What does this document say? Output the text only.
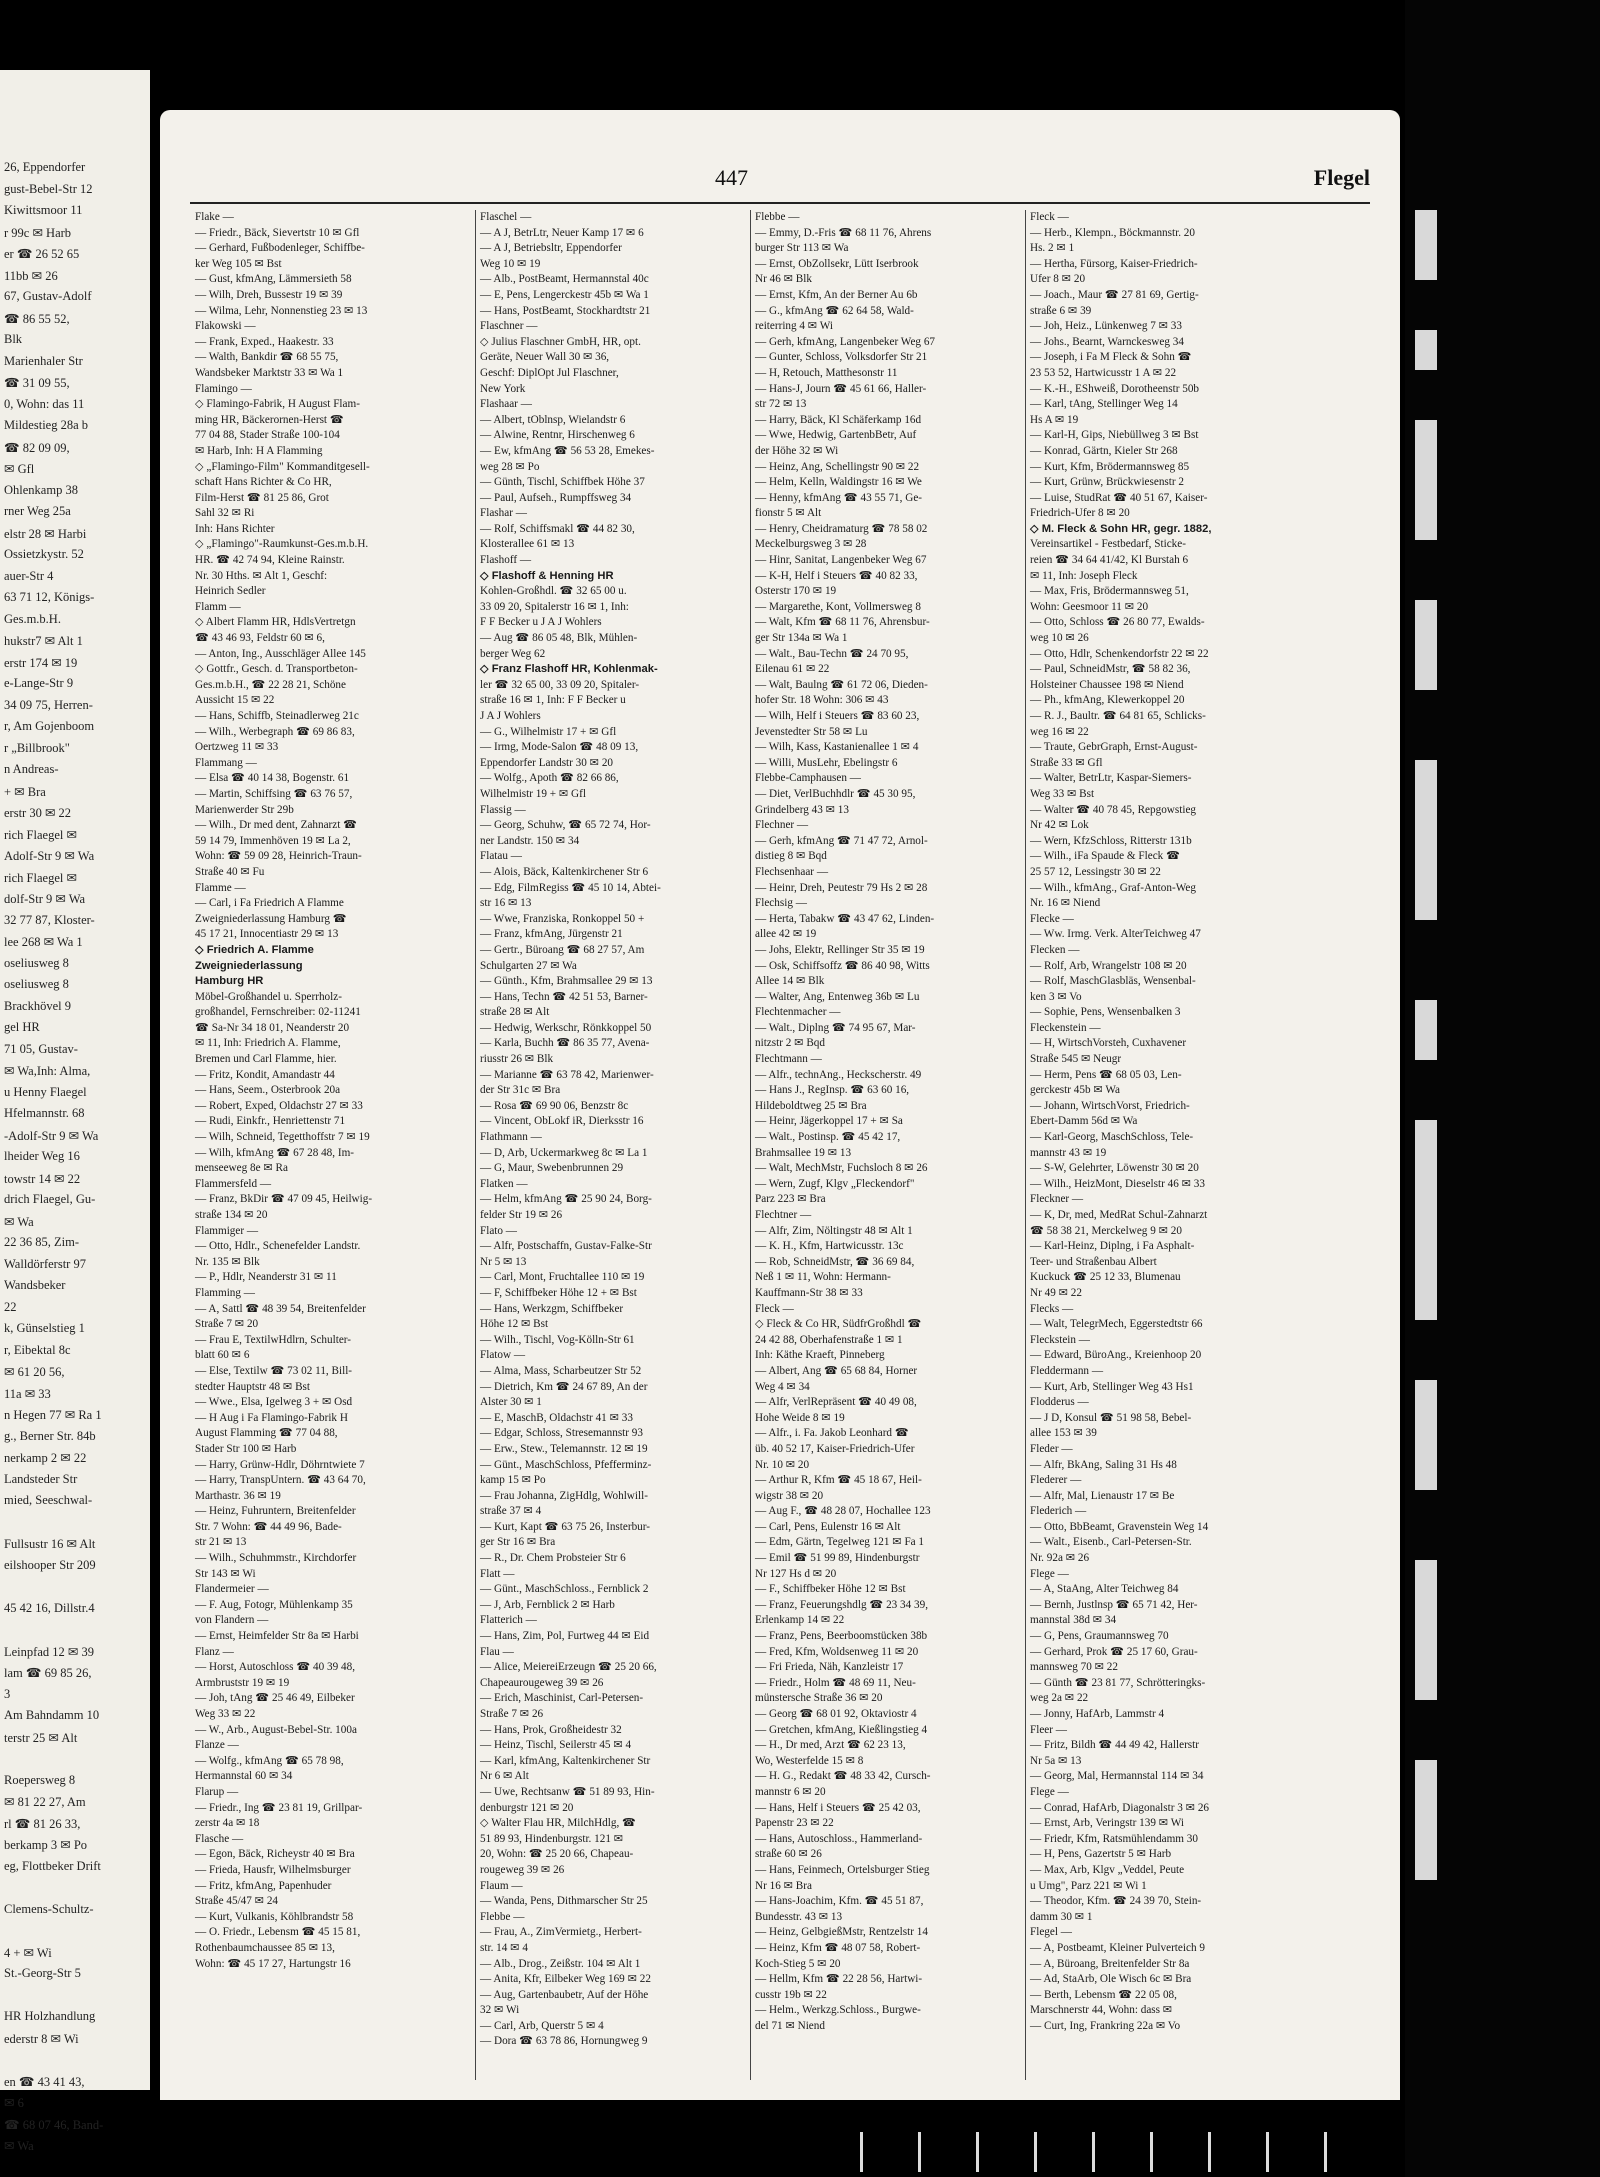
26, Eppendorfer
gust-Bebel-Str 12
Kiwittsmoor 11
r 99c ✉ Harb
er ☎ 26 52 65
11bb ✉ 26
67, Gustav-Adolf
☎ 86 55 52,
Blk
Marienhaler Str
☎ 31 09 55,
0, Wohn: das 11
Mildestieg 28a b
☎ 82 09 09,
✉ Gfl
Ohlenkamp 38
rner Weg 25a
elstr 28 ✉ Harbi
Ossietzkystr. 52
auer-Str 4
63 71 12, Königs-
Ges.m.b.H.
hukstr7 ✉ Alt 1
erstr 174 ✉ 19
e-Lange-Str 9
34 09 75, Herren-
r, Am Gojenboom
r „Billbrook"
n Andreas-
+ ✉ Bra
erstr 30 ✉ 22
rich Flaegel ✉
Adolf-Str 9 ✉ Wa
rich Flaegel ✉
dolf-Str 9 ✉ Wa
32 77 87, Kloster-
lee 268 ✉ Wa 1
oseliusweg 8
oseliusweg 8
Brackhövel 9
gel HR
71 05, Gustav-
✉ Wa,Inh: Alma,
u Henny Flaegel
Hfelmannstr. 68
-Adolf-Str 9 ✉ Wa
lheider Weg 16
towstr 14 ✉ 22
drich Flaegel, Gu-
✉ Wa
22 36 85, Zim-
Walldörferstr 97
Wandsbeker
22
k, Günselstieg 1
r, Eibektal 8c
✉ 61 20 56,
11a ✉ 33
n Hegen 77 ✉ Ra 1
g., Berner Str. 84b
nerkamp 2 ✉ 22
Landsteder Str
mied, Seeschwal-
Fullsustr 16 ✉ Alt
eilshooper Str 209
45 42 16, Dillstr.4
Leinpfad 12 ✉ 39
lam ☎ 69 85 26,
3
Am Bahndamm 10
terstr 25 ✉ Alt
Roepersweg 8
✉ 81 22 27, Am
rl ☎ 81 26 33,
berkamp 3 ✉ Po
eg, Flottbeker Drift
Clemens-Schultz-
4 + ✉ Wi
St.-Georg-Str 5
HR Holzhandlung
ederstr 8 ✉ Wi
en ☎ 43 41 43,
✉ 6
☎ 68 07 46, Band-
✉ Wa
447	Flegel
Flake —
— Friedr., Bäck, Sievertstr 10 ✉ Gfl
— Gerhard, Fußbodenleger, Schiffbe-
ker Weg 105 ✉ Bst
— Gust, kfmAng, Lämmersieth 58
— Wilh, Dreh, Bussestr 19 ✉ 39
— Wilma, Lehr, Nonnenstieg 23 ✉ 13
Flakowski —
— Frank, Exped., Haakestr. 33
— Walth, Bankdir ☎ 68 55 75,
Wandsbeker Marktstr 33 ✉ Wa 1
Flamingo —
◇ Flamingo-Fabrik, H August Flam-
ming HR, Bäckerornen-Herst ☎
77 04 88, Stader Straße 100-104
✉ Harb, Inh: H A Flamming
◇ „Flamingo-Film" Kommanditgesell-
schaft Hans Richter & Co HR,
Film-Herst ☎ 81 25 86, Grot
Sahl 32 ✉ Ri
Inh: Hans Richter
◇ „Flamingo"-Raumkunst-Ges.m.b.H.
HR. ☎ 42 74 94, Kleine Rainstr.
Nr. 30 Hths. ✉ Alt 1, Geschf:
Heinrich Sedler
Flamm —
◇ Albert Flamm HR, HdlsVertretgn
☎ 43 46 93, Feldstr 60 ✉ 6,
— Anton, Ing., Ausschläger Allee 145
◇ Gottfr., Gesch. d. Transportbeton-
Ges.m.b.H., ☎ 22 28 21, Schöne
Aussicht 15 ✉ 22
— Hans, Schiffb, Steinadlerweg 21c
— Wilh., Werbegraph ☎ 69 86 83,
Oertzweg 11 ✉ 33
Flammang —
— Elsa ☎ 40 14 38, Bogenstr. 61
— Martin, Schiffsing ☎ 63 76 57,
Marienwerder Str 29b
— Wilh., Dr med dent, Zahnarzt ☎
59 14 79, Immenhöven 19 ✉ La 2,
Wohn: ☎ 59 09 28, Heinrich-Traun-
Straße 40 ✉ Fu
Flamme —
— Carl, i Fa Friedrich A Flamme
Zweigniederlassung Hamburg ☎
45 17 21, Innocentiastr 29 ✉ 13
◇ Friedrich A. Flamme
Zweigniederlassung
Hamburg HR
Möbel-Großhandel u. Sperrholz-
großhandel, Fernschreiber: 02-11241
☎ Sa-Nr 34 18 01, Neanderstr 20
✉ 11, Inh: Friedrich A. Flamme,
Bremen und Carl Flamme, hier.
— Fritz, Kondit, Amandastr 44
— Hans, Seem., Osterbrook 20a
— Robert, Exped, Oldachstr 27 ✉ 33
— Rudi, Einkfr., Henriettenstr 71
— Wilh, Schneid, Tegetthoffstr 7 ✉ 19
— Wilh, kfmAng ☎ 67 28 48, Im-
menseeweg 8e ✉ Ra
Flammersfeld —
— Franz, BkDir ☎ 47 09 45, Heilwig-
straße 134 ✉ 20
Flammiger —
— Otto, Hdlr., Schenefelder Landstr.
Nr. 135 ✉ Blk
— P., Hdlr, Neanderstr 31 ✉ 11
Flamming —
— A, Sattl ☎ 48 39 54, Breitenfelder
Straße 7 ✉ 20
— Frau E, TextilwHdlrn, Schulter-
blatt 60 ✉ 6
— Else, Textilw ☎ 73 02 11, Bill-
stedter Hauptstr 48 ✉ Bst
— Wwe., Elsa, Igelweg 3 + ✉ Osd
— H Aug i Fa Flamingo-Fabrik H
August Flamming ☎ 77 04 88,
Stader Str 100 ✉ Harb
— Harry, Grünw-Hdlr, Döhrntwiete 7
— Harry, TranspUntern. ☎ 43 64 70,
Marthastr. 36 ✉ 19
— Heinz, Fuhruntern, Breitenfelder
Str. 7 Wohn: ☎ 44 49 96, Bade-
str 21 ✉ 13
— Wilh., Schuhmmstr., Kirchdorfer
Str 143 ✉ Wi
Flandermeier —
— F. Aug, Fotogr, Mühlenkamp 35
von Flandern —
— Ernst, Heimfelder Str 8a ✉ Harbi
Flanz —
— Horst, Autoschloss ☎ 40 39 48,
Armbruststr 19 ✉ 19
— Joh, tAng ☎ 25 46 49, Eilbeker
Weg 33 ✉ 22
— W., Arb., August-Bebel-Str. 100a
Flanze —
— Wolfg., kfmAng ☎ 65 78 98,
Hermannstal 60 ✉ 34
Flarup —
— Friedr., Ing ☎ 23 81 19, Grillpar-
zerstr 4a ✉ 18
Flasche —
— Egon, Bäck, Richeystr 40 ✉ Bra
— Frieda, Hausfr, Wilhelmsburger
— Fritz, kfmAng, Papenhuder
Straße 45/47 ✉ 24
— Kurt, Vulkanis, Köhlbrandstr 58
— O. Friedr., Lebensm ☎ 45 15 81,
Rothenbaumchaussee 85 ✉ 13,
Wohn: ☎ 45 17 27, Hartungstr 16
Flaschel —
— A J, BetrLtr, Neuer Kamp 17 ✉ 6
— A J, Betriebsltr, Eppendorfer
Weg 10 ✉ 19
— Alb., PostBeamt, Hermannstal 40c
— E, Pens, Lengerckestr 45b ✉ Wa 1
— Hans, PostBeamt, Stockhardtstr 21
Flaschner —
◇ Julius Flaschner GmbH, HR, opt.
Geräte, Neuer Wall 30 ✉ 36,
Geschf: DiplOpt Jul Flaschner,
New York
Flashaar —
— Albert, tOblnsp, Wielandstr 6
— Alwine, Rentnr, Hirschenweg 6
— Ew, kfmAng ☎ 56 53 28, Emekes-
weg 28 ✉ Po
— Günth, Tischl, Schiffbek Höhe 37
— Paul, Aufseh., Rumpffsweg 34
Flashar —
— Rolf, Schiffsmakl ☎ 44 82 30,
Klosterallee 61 ✉ 13
Flashoff —
◇ Flashoff & Henning HR
Kohlen-Großhdl. ☎ 32 65 00 u.
33 09 20, Spitalerstr 16 ✉ 1, Inh:
F F Becker u J A J Wohlers
— Aug ☎ 86 05 48, Blk, Mühlen-
berger Weg 62
◇ Franz Flashoff HR, Kohlenmak-
ler ☎ 32 65 00, 33 09 20, Spitaler-
straße 16 ✉ 1, Inh: F F Becker u
J A J Wohlers
— G., Wilhelmistr 17 + ✉ Gfl
— Irmg, Mode-Salon ☎ 48 09 13,
Eppendorfer Landstr 30 ✉ 20
— Wolfg., Apoth ☎ 82 66 86,
Wilhelmistr 19 + ✉ Gfl
Flassig —
— Georg, Schuhw, ☎ 65 72 74, Hor-
ner Landstr. 150 ✉ 34
Flatau —
— Alois, Bäck, Kaltenkirchener Str 6
— Edg, FilmRegiss ☎ 45 10 14, Abtei-
str 16 ✉ 13
— Wwe, Franziska, Ronkoppel 50 +
— Franz, kfmAng, Jürgenstr 21
— Gertr., Büroang ☎ 68 27 57, Am
Schulgarten 27 ✉ Wa
— Günth., Kfm, Brahmsallee 29 ✉ 13
— Hans, Techn ☎ 42 51 53, Barner-
straße 28 ✉ Alt
— Hedwig, Werkschr, Rönkkoppel 50
— Karla, Buchh ☎ 86 35 77, Avena-
riusstr 26 ✉ Blk
— Marianne ☎ 63 78 42, Marienwer-
der Str 31c ✉ Bra
— Rosa ☎ 69 90 06, Benzstr 8c
— Vincent, ObLokf iR, Dierksstr 16
Flathmann —
— D, Arb, Uckermarkweg 8c ✉ La 1
— G, Maur, Swebenbrunnen 29
Flatken —
— Helm, kfmAng ☎ 25 90 24, Borg-
felder Str 19 ✉ 26
Flato —
— Alfr, Postschaffn, Gustav-Falke-Str
Nr 5 ✉ 13
— Carl, Mont, Fruchtallee 110 ✉ 19
— F, Schiffbeker Höhe 12 + ✉ Bst
— Hans, Werkzgm, Schiffbeker
Höhe 12 ✉ Bst
— Wilh., Tischl, Vog-Kölln-Str 61
Flatow —
— Alma, Mass, Scharbeutzer Str 52
— Dietrich, Km ☎ 24 67 89, An der
Alster 30 ✉ 1
— E, MaschB, Oldachstr 41 ✉ 33
— Edgar, Schloss, Stresemannstr 93
— Erw., Stew., Telemannstr. 12 ✉ 19
— Günt., MaschSchloss, Pfefferminz-
kamp 15 ✉ Po
— Frau Johanna, ZigHdlg, Wohlwill-
straße 37 ✉ 4
— Kurt, Kapt ☎ 63 75 26, Insterbur-
ger Str 16 ✉ Bra
— R., Dr. Chem Probsteier Str 6
Flatt —
— Günt., MaschSchloss., Fernblick 2
— J, Arb, Fernblick 2 ✉ Harb
Flatterich —
— Hans, Zim, Pol, Furtweg 44 ✉ Eid
Flau —
— Alice, MeiereiErzeugn ☎ 25 20 66,
Chapeaurougeweg 39 ✉ 26
— Erich, Maschinist, Carl-Petersen-
Straße 7 ✉ 26
— Hans, Prok, Großheidestr 32
— Heinz, Tischl, Seilerstr 45 ✉ 4
— Karl, kfmAng, Kaltenkirchener Str
Nr 6 ✉ Alt
— Uwe, Rechtsanw ☎ 51 89 93, Hin-
denburgstr 121 ✉ 20
◇ Walter Flau HR, MilchHdlg, ☎
51 89 93, Hindenburgstr. 121 ✉
20, Wohn: ☎ 25 20 66, Chapeau-
rougeweg 39 ✉ 26
Flaum —
— Wanda, Pens, Dithmarscher Str 25
Flebbe —
— Frau, A., ZimVermietg., Herbert-
str. 14 ✉ 4
— Alb., Drog., Zeißstr. 104 ✉ Alt 1
— Anita, Kfr, Eilbeker Weg 169 ✉ 22
— Aug, Gartenbaubetr, Auf der Höhe
32 ✉ Wi
— Carl, Arb, Querstr 5 ✉ 4
— Dora ☎ 63 78 86, Hornungweg 9
Flebbe —
— Emmy, D.-Fris ☎ 68 11 76, Ahrens
burger Str 113 ✉ Wa
— Ernst, ObZollsekr, Lütt Iserbrook
Nr 46 ✉ Blk
— Ernst, Kfm, An der Berner Au 6b
— G., kfmAng ☎ 62 64 58, Wald-
reiterring 4 ✉ Wi
— Gerh, kfmAng, Langenbeker Weg 67
— Gunter, Schloss, Volksdorfer Str 21
— H, Retouch, Matthesonstr 11
— Hans-J, Journ ☎ 45 61 66, Haller-
str 72 ✉ 13
— Harry, Bäck, Kl Schäferkamp 16d
— Wwe, Hedwig, GartenbBetr, Auf
der Höhe 32 ✉ Wi
— Heinz, Ang, Schellingstr 90 ✉ 22
— Helm, Kelln, Waldingstr 16 ✉ We
— Henny, kfmAng ☎ 43 55 71, Ge-
fionstr 5 ✉ Alt
— Henry, Cheidramaturg ☎ 78 58 02
Meckelburgsweg 3 ✉ 28
— Hinr, Sanitat, Langenbeker Weg 67
— K-H, Helf i Steuers ☎ 40 82 33,
Osterstr 170 ✉ 19
— Margarethe, Kont, Vollmersweg 8
— Walt, Kfm ☎ 68 11 76, Ahrensbur-
ger Str 134a ✉ Wa 1
— Walt., Bau-Techn ☎ 24 70 95,
Eilenau 61 ✉ 22
— Walt, Baulng ☎ 61 72 06, Dieden-
hofer Str. 18 Wohn: 306 ✉ 43
— Wilh, Helf i Steuers ☎ 83 60 23,
Jevenstedter Str 58 ✉ Lu
— Wilh, Kass, Kastanienallee 1 ✉ 4
— Willi, MusLehr, Ebelingstr 6
Flebbe-Camphausen —
— Diet, VerlBuchhdlr ☎ 45 30 95,
Grindelberg 43 ✉ 13
Flechner —
— Gerh, kfmAng ☎ 71 47 72, Arnol-
distieg 8 ✉ Bqd
Flechsenhaar —
— Heinr, Dreh, Peutestr 79 Hs 2 ✉ 28
Flechsig —
— Herta, Tabakw ☎ 43 47 62, Linden-
allee 42 ✉ 19
— Johs, Elektr, Rellinger Str 35 ✉ 19
— Osk, Schiffsoffz ☎ 86 40 98, Witts
Allee 14 ✉ Blk
— Walter, Ang, Entenweg 36b ✉ Lu
Flechtenmacher —
— Walt., Diplng ☎ 74 95 67, Mar-
nitzstr 2 ✉ Bqd
Flechtmann —
— Alfr., technAng., Heckscherstr. 49
— Hans J., RegInsp. ☎ 63 60 16,
Hildeboldtweg 25 ✉ Bra
— Heinr, Jägerkoppel 17 + ✉ Sa
— Walt., Postinsp. ☎ 45 42 17,
Brahmsallee 19 ✉ 13
— Walt, MechMstr, Fuchsloch 8 ✉ 26
— Wern, Zugf, Klgv „Fleckendorf"
Parz 223 ✉ Bra
Flechtner —
— Alfr, Zim, Nöltingstr 48 ✉ Alt 1
— K. H., Kfm, Hartwicusstr. 13c
— Rob, SchneidMstr, ☎ 36 69 84,
Neß 1 ✉ 11, Wohn: Hermann-
Kauffmann-Str 38 ✉ 33
Fleck —
◇ Fleck & Co HR, SüdfrGroßhdl ☎
24 42 88, Oberhafenstraße 1 ✉ 1
Inh: Käthe Kraeft, Pinneberg
— Albert, Ang ☎ 65 68 84, Horner
Weg 4 ✉ 34
— Alfr, VerlRepräsent ☎ 40 49 08,
Hohe Weide 8 ✉ 19
— Alfr., i. Fa. Jakob Leonhard ☎
üb. 40 52 17, Kaiser-Friedrich-Ufer
Nr. 10 ✉ 20
— Arthur R, Kfm ☎ 45 18 67, Heil-
wigstr 38 ✉ 20
— Aug F., ☎ 48 28 07, Hochallee 123
— Carl, Pens, Eulenstr 16 ✉ Alt
— Edm, Gärtn, Tegelweg 121 ✉ Fa 1
— Emil ☎ 51 99 89, Hindenburgstr
Nr 127 Hs d ✉ 20
— F., Schiffbeker Höhe 12 ✉ Bst
— Franz, Feuerungshdlg ☎ 23 34 39,
Erlenkamp 14 ✉ 22
— Franz, Pens, Beerboomstücken 38b
— Fred, Kfm, Woldsenweg 11 ✉ 20
— Fri Frieda, Näh, Kanzleistr 17
— Friedr., Holm ☎ 48 69 11, Neu-
münstersche Straße 36 ✉ 20
— Georg ☎ 68 01 92, Oktaviostr 4
— Gretchen, kfmAng, Kießlingstieg 4
— H., Dr med, Arzt ☎ 62 23 13,
Wo, Westerfelde 15 ✉ 8
— H. G., Redakt ☎ 48 33 42, Cursch-
mannstr 6 ✉ 20
— Hans, Helf i Steuers ☎ 25 42 03,
Papenstr 23 ✉ 22
— Hans, Autoschloss., Hammerland-
straße 60 ✉ 26
— Hans, Feinmech, Ortelsburger Stieg
Nr 16 ✉ Bra
— Hans-Joachim, Kfm. ☎ 45 51 87,
Bundesstr. 43 ✉ 13
— Heinz, GelbgießMstr, Rentzelstr 14
— Heinz, Kfm ☎ 48 07 58, Robert-
Koch-Stieg 5 ✉ 20
— Hellm, Kfm ☎ 22 28 56, Hartwi-
cusstr 19b ✉ 22
— Helm., Werkzg.Schloss., Burgwe-
del 71 ✉ Niend
Fleck —
— Herb., Klempn., Böckmannstr. 20
Hs. 2 ✉ 1
— Hertha, Fürsorg, Kaiser-Friedrich-
Ufer 8 ✉ 20
— Joach., Maur ☎ 27 81 69, Gertig-
straße 6 ✉ 39
— Joh, Heiz., Lünkenweg 7 ✉ 33
— Johs., Bearnt, Warnckesweg 34
— Joseph, i Fa M Fleck & Sohn ☎
23 53 52, Hartwicusstr 1 A ✉ 22
— K.-H., EShweiß, Dorotheenstr 50b
— Karl, tAng, Stellinger Weg 14
Hs A ✉ 19
— Karl-H, Gips, Niebüllweg 3 ✉ Bst
— Konrad, Gärtn, Kieler Str 268
— Kurt, Kfm, Brödermannsweg 85
— Kurt, Grünw, Brückwiesenstr 2
— Luise, StudRat ☎ 40 51 67, Kaiser-
Friedrich-Ufer 8 ✉ 20
◇ M. Fleck & Sohn HR, gegr. 1882,
Vereinsartikel - Festbedarf, Sticke-
reien ☎ 34 64 41/42, Kl Burstah 6
✉ 11, Inh: Joseph Fleck
— Max, Fris, Brödermannsweg 51,
Wohn: Geesmoor 11 ✉ 20
— Otto, Schloss ☎ 26 80 77, Ewalds-
weg 10 ✉ 26
— Otto, Hdlr, Schenkendorfstr 22 ✉ 22
— Paul, SchneidMstr, ☎ 58 82 36,
Holsteiner Chaussee 198 ✉ Niend
— Ph., kfmAng, Klewerkoppel 20
— R. J., Baultr. ☎ 64 81 65, Schlicks-
weg 16 ✉ 22
— Traute, GebrGraph, Ernst-August-
Straße 33 ✉ Gfl
— Walter, BetrLtr, Kaspar-Siemers-
Weg 33 ✉ Bst
— Walter ☎ 40 78 45, Repgowstieg
Nr 42 ✉ Lok
— Wern, KfzSchloss, Ritterstr 131b
— Wilh., iFa Spaude & Fleck ☎
25 57 12, Lessingstr 30 ✉ 22
— Wilh., kfmAng., Graf-Anton-Weg
Nr. 16 ✉ Niend
Flecke —
— Ww. Irmg. Verk. AlterTeichweg 47
Flecken —
— Rolf, Arb, Wrangelstr 108 ✉ 20
— Rolf, MaschGlasbläs, Wensenbal-
ken 3 ✉ Vo
— Sophie, Pens, Wensenbalken 3
Fleckenstein —
— H, WirtschVorsteh, Cuxhavener
Straße 545 ✉ Neugr
— Herm, Pens ☎ 68 05 03, Len-
gerckestr 45b ✉ Wa
— Johann, WirtschVorst, Friedrich-
Ebert-Damm 56d ✉ Wa
— Karl-Georg, MaschSchloss, Tele-
mannstr 43 ✉ 19
— S-W, Gelehrter, Löwenstr 30 ✉ 20
— Wilh., HeizMont, Dieselstr 46 ✉ 33
Fleckner —
— K, Dr, med, MedRat Schul-Zahnarzt
☎ 58 38 21, Merckelweg 9 ✉ 20
— Karl-Heinz, Diplng, i Fa Asphalt-
Teer- und Straßenbau Albert
Kuckuck ☎ 25 12 33, Blumenau
Nr 49 ✉ 22
Flecks —
— Walt, TelegrMech, Eggerstedtstr 66
Fleckstein —
— Edward, BüroAng., Kreienhoop 20
Fleddermann —
— Kurt, Arb, Stellinger Weg 43 Hs1
Flodderus —
— J D, Konsul ☎ 51 98 58, Bebel-
allee 153 ✉ 39
Fleder —
— Alfr, BkAng, Saling 31 Hs 48
Flederer —
— Alfr, Mal, Lienaustr 17 ✉ Be
Flederich —
— Otto, BbBeamt, Gravenstein Weg 14
— Walt., Eisenb., Carl-Petersen-Str.
Nr. 92a ✉ 26
Flege —
— A, StaAng, Alter Teichweg 84
— Bernh, Justlnsp ☎ 65 71 42, Her-
mannstal 38d ✉ 34
— G, Pens, Graumannsweg 70
— Gerhard, Prok ☎ 25 17 60, Grau-
mannsweg 70 ✉ 22
— Günth ☎ 23 81 77, Schrötteringks-
weg 2a ✉ 22
— Jonny, HafArb, Lammstr 4
Fleer —
— Fritz, Bildh ☎ 44 49 42, Hallerstr
Nr 5a ✉ 13
— Georg, Mal, Hermannstal 114 ✉ 34
Flege —
— Conrad, HafArb, Diagonalstr 3 ✉ 26
— Ernst, Arb, Veringstr 139 ✉ Wi
— Friedr, Kfm, Ratsmühlendamm 30
— H, Pens, Gazertstr 5 ✉ Harb
— Max, Arb, Klgv „Veddel, Peute
u Umg", Parz 221 ✉ Wi 1
— Theodor, Kfm. ☎ 24 39 70, Stein-
damm 30 ✉ 1
Flegel —
— A, Postbeamt, Kleiner Pulverteich 9
— A, Büroang, Breitenfelder Str 8a
— Ad, StaArb, Ole Wisch 6c ✉ Bra
— Berth, Lebensm ☎ 22 05 08,
Marschnerstr 44, Wohn: dass ✉
— Curt, Ing, Frankring 22a ✉ Vo
